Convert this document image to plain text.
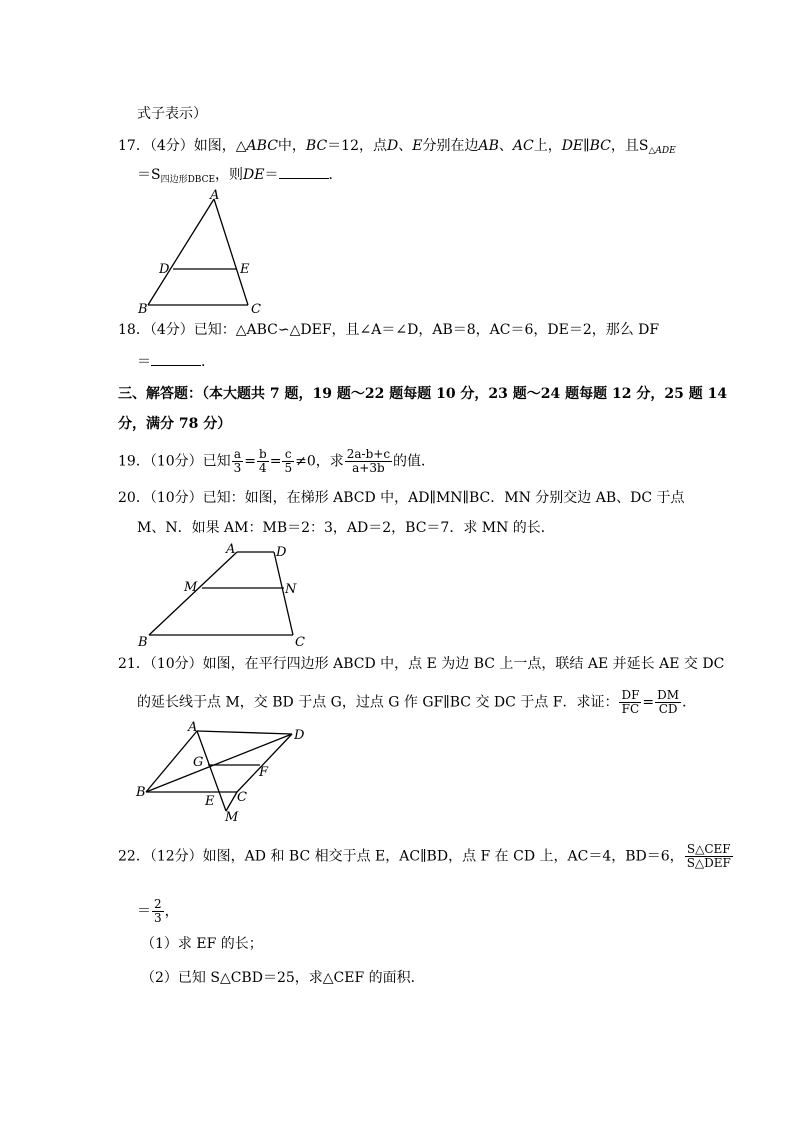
式子表示）
17．（4分）如图，△ABC中，BC＝12，点D、E分别在边AB、AC上，DE∥BC，且$S_{\triangle ADE}$
$=S_{四边形DBCE}$，则DE＝	．
A
B	C
D	E
18．（4分）已知：△ABC∽△DEF，且∠A＝∠D，AB＝8，AC＝6，DE＝2，那么 DF
＝	．
三、解答题：（本大题共 7 题，19 题～22 题每题 10 分，23 题～24 题每题 12 分，25 题 14
分，满分 78 分）
19．（10分）已知 $\frac{a}{3} = \frac{b}{4} = \frac{c}{5} \ne 0$，求 $\frac{2a-b+c}{a+3b}$ 的值．
20．（10分）已知：如图，在梯形 ABCD 中，AD∥MN∥BC．MN 分别交边 AB、DC 于点
M、N．如果 AM：MB＝2：3，AD＝2，BC＝7．求 MN 的长．
A	D
M	N
B	C
21．（10分）如图，在平行四边形 ABCD 中，点 E 为边 BC 上一点，联结 AE 并延长 AE 交 DC
的延长线于点 M，交 BD 于点 G，过点 G 作 GF∥BC 交 DC 于点 F．求证： $\frac{DF}{FC} = \frac{DM}{CD}$ ．
A
D
G
F
B
E C
M
22．（12分）如图，AD 和 BC 相交于点 E，AC∥BD，点 F 在 CD 上，AC＝4，BD＝6， $\frac{\text{S△CEF}}{\text{S△DEF}}$
＝ $\frac{2}{3}$ ，
（1）求 EF 的长；
（2）已知 S△CBD＝25，求△CEF 的面积．
